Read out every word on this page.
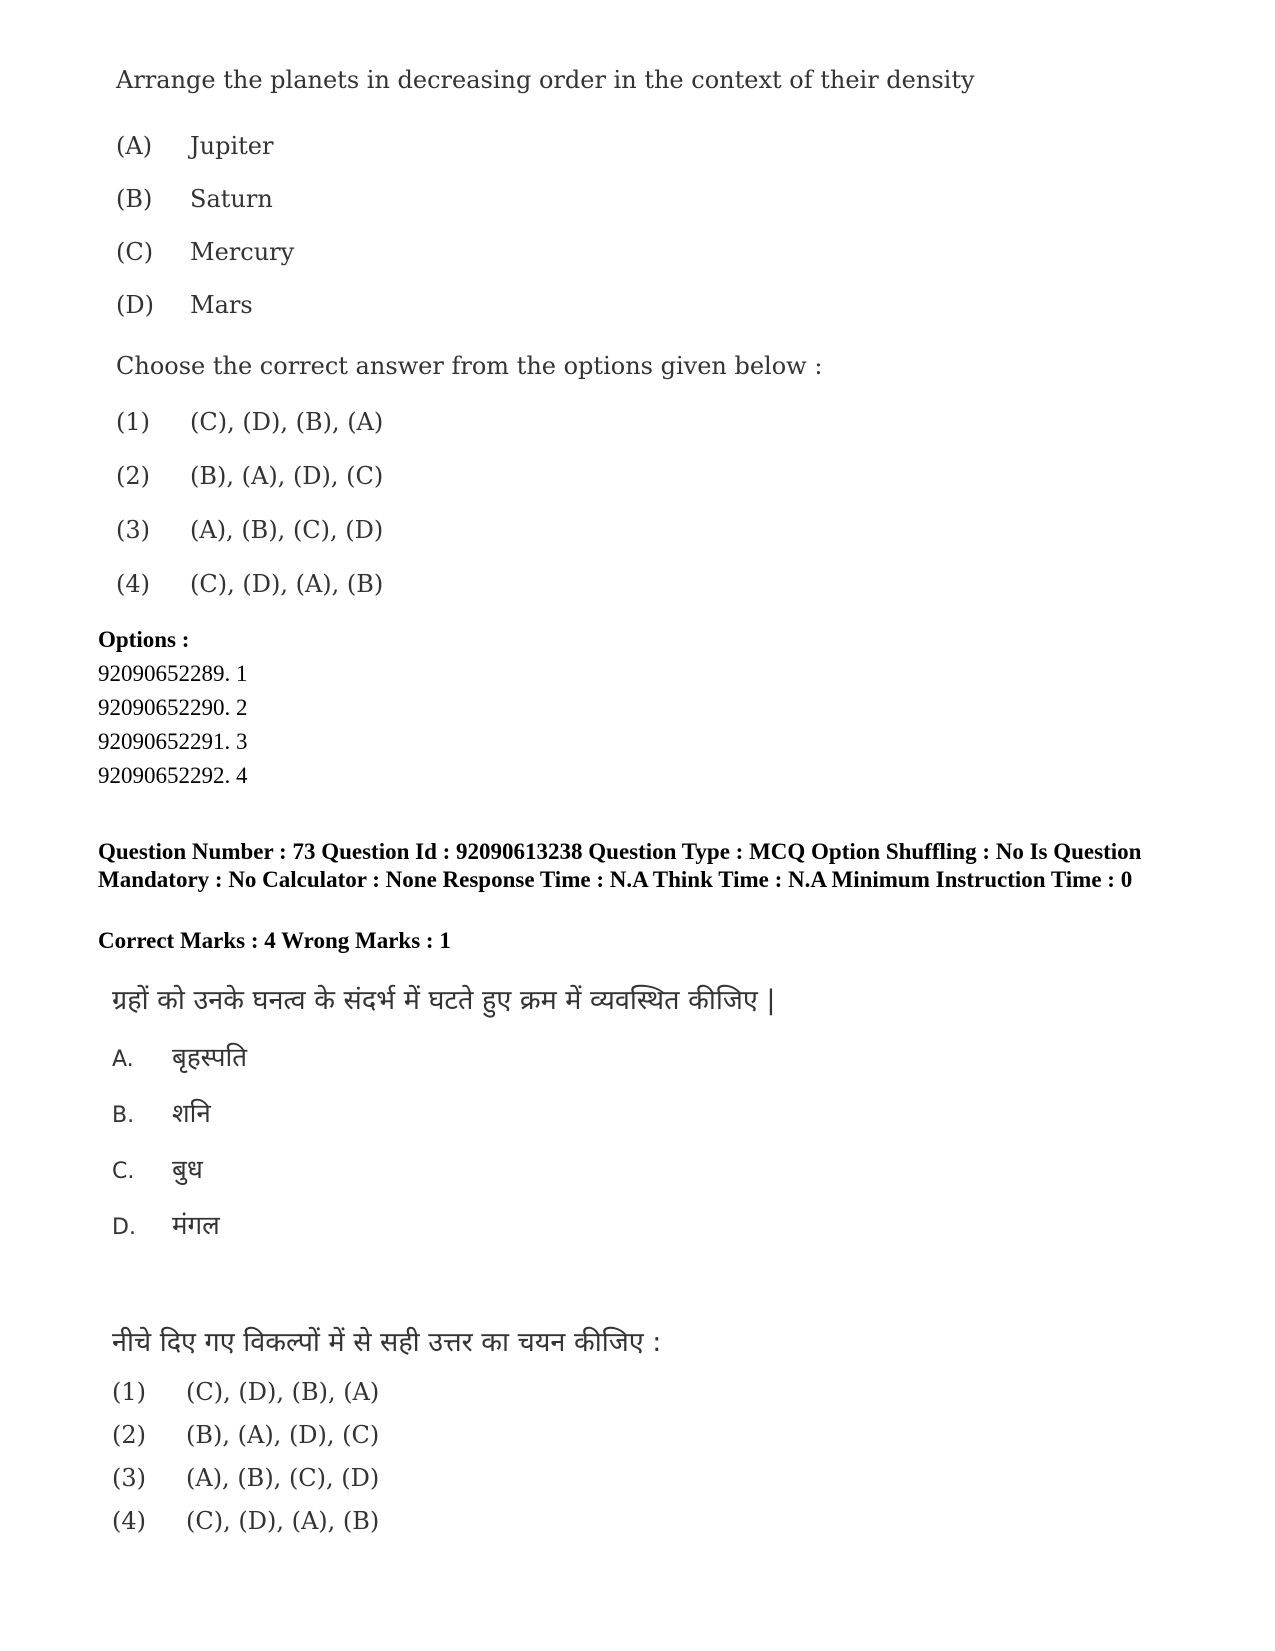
Arrange the planets in decreasing order in the context of their density
(A) Jupiter
(B) Saturn
(C) Mercury
(D) Mars
Choose the correct answer from the options given below :
(1) (C), (D), (B), (A)
(2) (B), (A), (D), (C)
(3) (A), (B), (C), (D)
(4) (C), (D), (A), (B)
Options :
92090652289. 1
92090652290. 2
92090652291. 3
92090652292. 4
Question Number : 73 Question Id : 92090613238 Question Type : MCQ Option Shuffling : No Is Question Mandatory : No Calculator : None Response Time : N.A Think Time : N.A Minimum Instruction Time : 0
Correct Marks : 4 Wrong Marks : 1
ग्रहों को उनके घनत्व के संदर्भ में घटते हुए क्रम में व्यवस्थित कीजिए |
A. बृहस्पति
B. शनि
C. बुध
D. मंगल
नीचे दिए गए विकल्पों में से सही उत्तर का चयन कीजिए :
(1) (C), (D), (B), (A)
(2) (B), (A), (D), (C)
(3) (A), (B), (C), (D)
(4) (C), (D), (A), (B)
